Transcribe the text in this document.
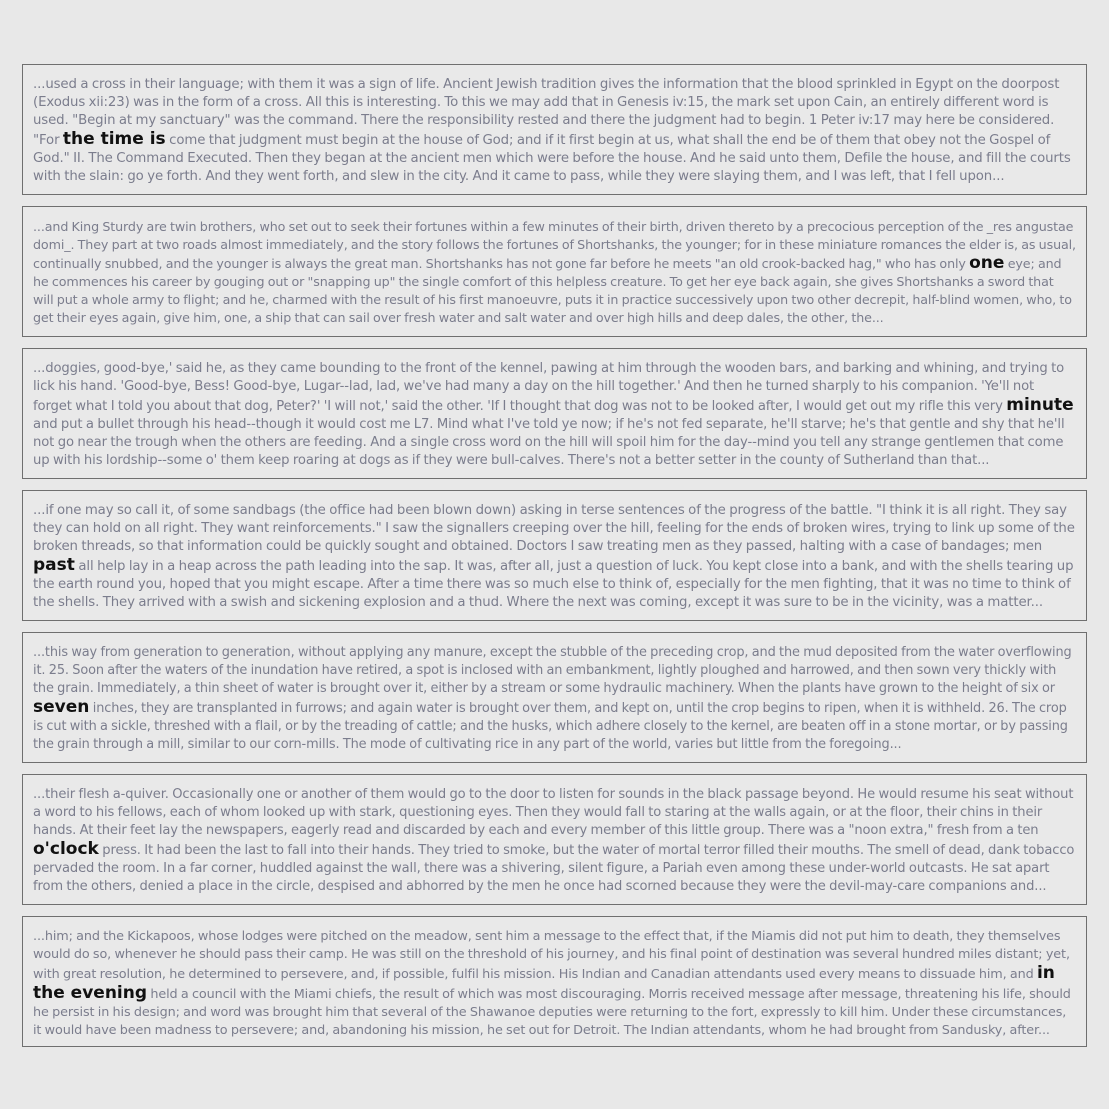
...used a cross in their language; with them it was a sign of life. Ancient Jewish tradition gives the information that the blood sprinkled in Egypt on the doorpost (Exodus xii:23) was in the form of a cross. All this is interesting. To this we may add that in Genesis iv:15, the mark set upon Cain, an entirely different word is used. "Begin at my sanctuary" was the command. There the responsibility rested and there the judgment had to begin. 1 Peter iv:17 may here be considered. "For the time is come that judgment must begin at the house of God; and if it first begin at us, what shall the end be of them that obey not the Gospel of God." II. The Command Executed. Then they began at the ancient men which were before the house. And he said unto them, Defile the house, and fill the courts with the slain: go ye forth. And they went forth, and slew in the city. And it came to pass, while they were slaying them, and I was left, that I fell upon...

...and King Sturdy are twin brothers, who set out to seek their fortunes within a few minutes of their birth, driven thereto by a precocious perception of the _res angustae domi_. They part at two roads almost immediately, and the story follows the fortunes of Shortshanks, the younger; for in these miniature romances the elder is, as usual, continually snubbed, and the younger is always the great man. Shortshanks has not gone far before he meets "an old crook-backed hag," who has only one eye; and he commences his career by gouging out or "snapping up" the single comfort of this helpless creature. To get her eye back again, she gives Shortshanks a sword that will put a whole army to flight; and he, charmed with the result of his first manoeuvre, puts it in practice successively upon two other decrepit, half-blind women, who, to get their eyes again, give him, one, a ship that can sail over fresh water and salt water and over high hills and deep dales, the other, the...

...doggies, good-bye,' said he, as they came bounding to the front of the kennel, pawing at him through the wooden bars, and barking and whining, and trying to lick his hand. 'Good-bye, Bess! Good-bye, Lugar--lad, lad, we've had many a day on the hill together.' And then he turned sharply to his companion. 'Ye'll not forget what I told you about that dog, Peter?' 'I will not,' said the other. 'If I thought that dog was not to be looked after, I would get out my rifle this very minute and put a bullet through his head--though it would cost me L7. Mind what I've told ye now; if he's not fed separate, he'll starve; he's that gentle and shy that he'll not go near the trough when the others are feeding. And a single cross word on the hill will spoil him for the day--mind you tell any strange gentlemen that come up with his lordship--some o' them keep roaring at dogs as if they were bull-calves. There's not a better setter in the county of Sutherland than that...

...if one may so call it, of some sandbags (the office had been blown down) asking in terse sentences of the progress of the battle. "I think it is all right. They say they can hold on all right. They want reinforcements." I saw the signallers creeping over the hill, feeling for the ends of broken wires, trying to link up some of the broken threads, so that information could be quickly sought and obtained. Doctors I saw treating men as they passed, halting with a case of bandages; men past all help lay in a heap across the path leading into the sap. It was, after all, just a question of luck. You kept close into a bank, and with the shells tearing up the earth round you, hoped that you might escape. After a time there was so much else to think of, especially for the men fighting, that it was no time to think of the shells. They arrived with a swish and sickening explosion and a thud. Where the next was coming, except it was sure to be in the vicinity, was a matter...

...this way from generation to generation, without applying any manure, except the stubble of the preceding crop, and the mud deposited from the water overflowing it. 25. Soon after the waters of the inundation have retired, a spot is inclosed with an embankment, lightly ploughed and harrowed, and then sown very thickly with the grain. Immediately, a thin sheet of water is brought over it, either by a stream or some hydraulic machinery. When the plants have grown to the height of six or seven inches, they are transplanted in furrows; and again water is brought over them, and kept on, until the crop begins to ripen, when it is withheld. 26. The crop is cut with a sickle, threshed with a flail, or by the treading of cattle; and the husks, which adhere closely to the kernel, are beaten off in a stone mortar, or by passing the grain through a mill, similar to our corn-mills. The mode of cultivating rice in any part of the world, varies but little from the foregoing...

...their flesh a-quiver. Occasionally one or another of them would go to the door to listen for sounds in the black passage beyond. He would resume his seat without a word to his fellows, each of whom looked up with stark, questioning eyes. Then they would fall to staring at the walls again, or at the floor, their chins in their hands. At their feet lay the newspapers, eagerly read and discarded by each and every member of this little group. There was a "noon extra," fresh from a ten o'clock press. It had been the last to fall into their hands. They tried to smoke, but the water of mortal terror filled their mouths. The smell of dead, dank tobacco pervaded the room. In a far corner, huddled against the wall, there was a shivering, silent figure, a Pariah even among these under-world outcasts. He sat apart from the others, denied a place in the circle, despised and abhorred by the men he once had scorned because they were the devil-may-care companions and...

...him; and the Kickapoos, whose lodges were pitched on the meadow, sent him a message to the effect that, if the Miamis did not put him to death, they themselves would do so, whenever he should pass their camp. He was still on the threshold of his journey, and his final point of destination was several hundred miles distant; yet, with great resolution, he determined to persevere, and, if possible, fulfil his mission. His Indian and Canadian attendants used every means to dissuade him, and in the evening held a council with the Miami chiefs, the result of which was most discouraging. Morris received message after message, threatening his life, should he persist in his design; and word was brought him that several of the Shawanoe deputies were returning to the fort, expressly to kill him. Under these circumstances, it would have been madness to persevere; and, abandoning his mission, he set out for Detroit. The Indian attendants, whom he had brought from Sandusky, after...
